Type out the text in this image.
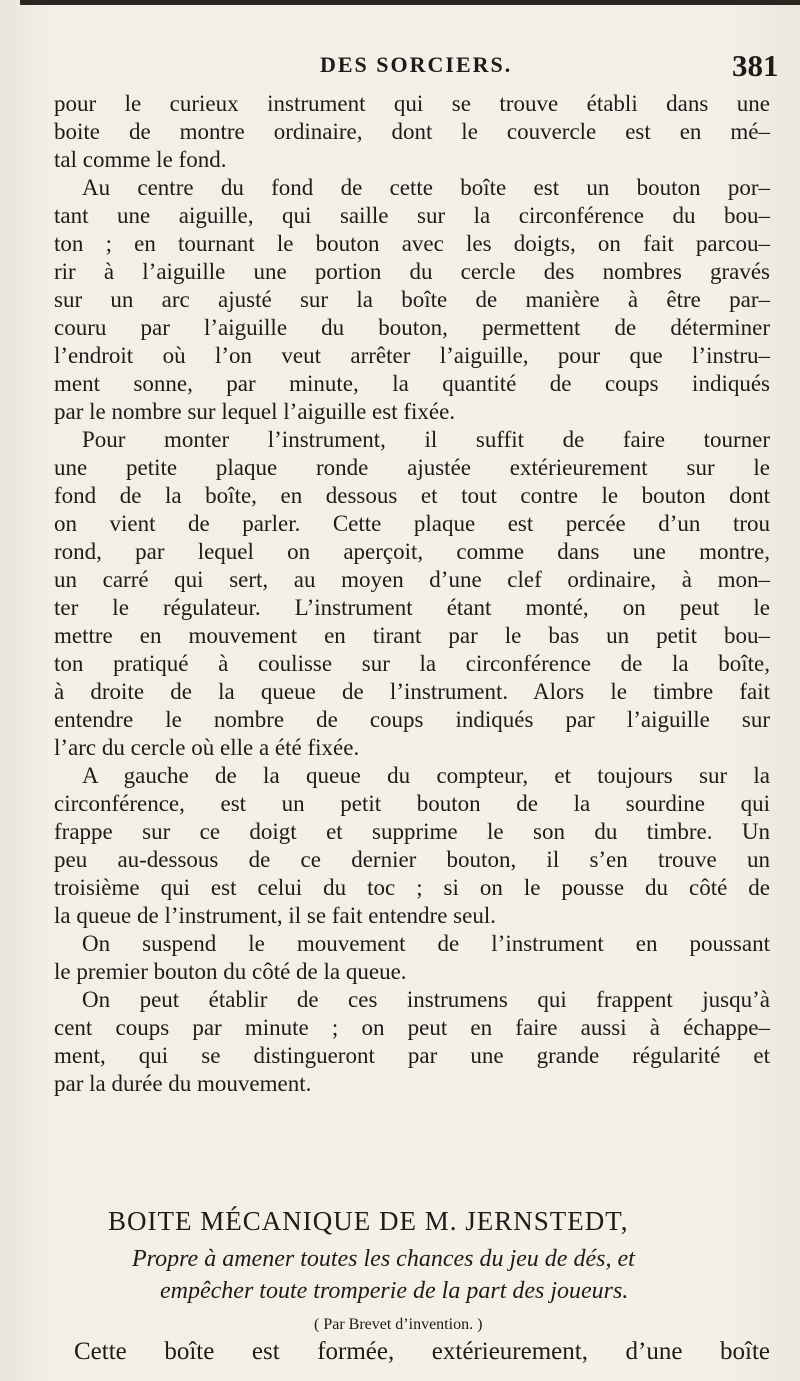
DES SORCIERS.	381
pour le curieux instrument qui se trouve établi dans une
boite de montre ordinaire, dont le couvercle est en mé–
tal comme le fond.
Au centre du fond de cette boîte est un bouton por–
tant une aiguille, qui saille sur la circonférence du bou–
ton ; en tournant le bouton avec les doigts, on fait parcou–
rir à l’aiguille une portion du cercle des nombres gravés
sur un arc ajusté sur la boîte de manière à être par–
couru par l’aiguille du bouton, permettent de déterminer
l’endroit où l’on veut arrêter l’aiguille, pour que l’instru–
ment sonne, par minute, la quantité de coups indiqués
par le nombre sur lequel l’aiguille est fixée.
Pour monter l’instrument, il suffit de faire tourner
une petite plaque ronde ajustée extérieurement sur le
fond de la boîte, en dessous et tout contre le bouton dont
on vient de parler. Cette plaque est percée d’un trou
rond, par lequel on aperçoit, comme dans une montre,
un carré qui sert, au moyen d’une clef ordinaire, à mon–
ter le régulateur. L’instrument étant monté, on peut le
mettre en mouvement en tirant par le bas un petit bou–
ton pratiqué à coulisse sur la circonférence de la boîte,
à droite de la queue de l’instrument. Alors le timbre fait
entendre le nombre de coups indiqués par l’aiguille sur
l’arc du cercle où elle a été fixée.
A gauche de la queue du compteur, et toujours sur la
circonférence, est un petit bouton de la sourdine qui
frappe sur ce doigt et supprime le son du timbre. Un
peu au-dessous de ce dernier bouton, il s’en trouve un
troisième qui est celui du toc ; si on le pousse du côté de
la queue de l’instrument, il se fait entendre seul.
On suspend le mouvement de l’instrument en poussant
le premier bouton du côté de la queue.
On peut établir de ces instrumens qui frappent jusqu’à
cent coups par minute ; on peut en faire aussi à échappe–
ment, qui se distingueront par une grande régularité et
par la durée du mouvement.
BOITE MÉCANIQUE DE M. JERNSTEDT,
Propre à amener toutes les chances du jeu de dés, et
empêcher toute tromperie de la part des joueurs.
( Par Brevet d’invention. )
Cette boîte est formée, extérieurement, d’une boîte
